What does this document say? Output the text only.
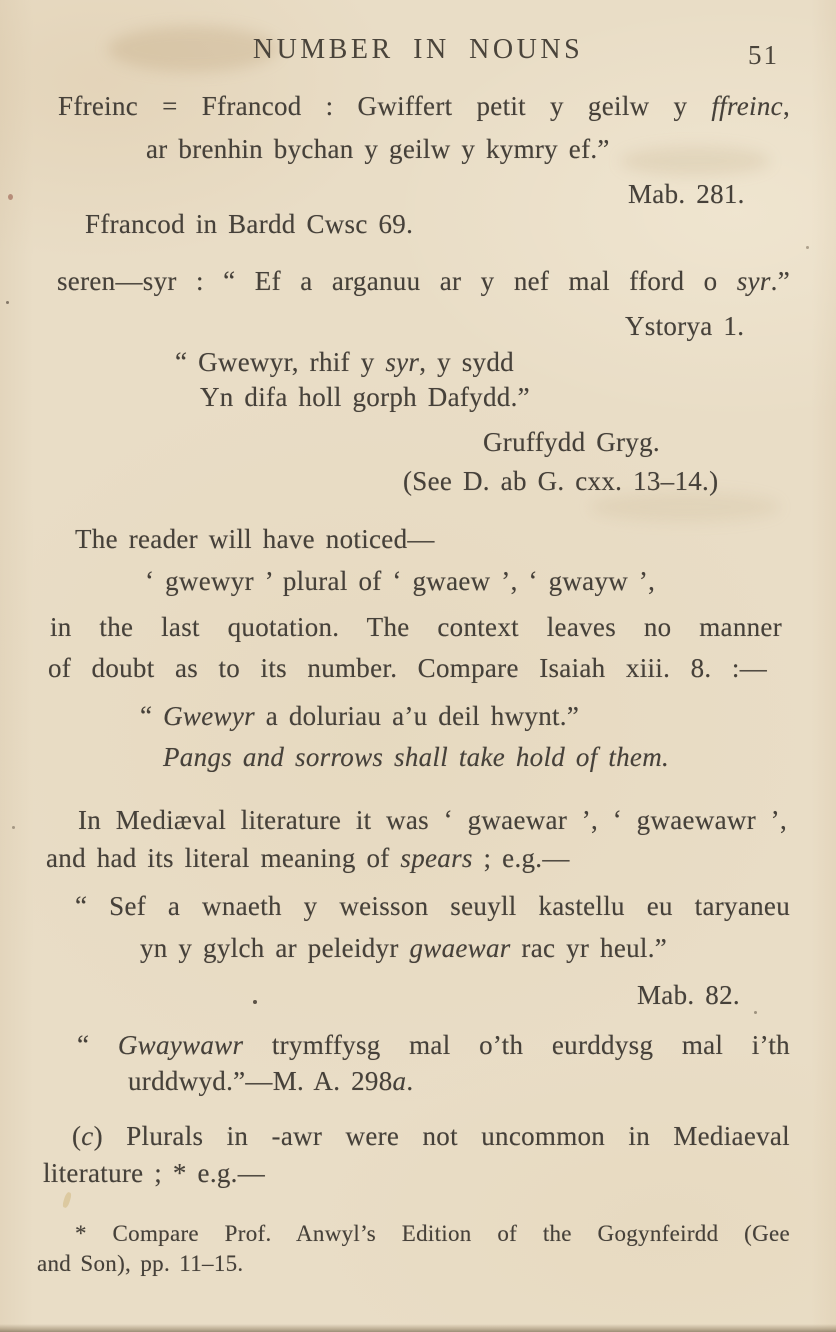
NUMBER IN NOUNS	51
Ffreinc = Ffrancod : Gwiffert petit y geilw y ffreinc,
ar brenhin bychan y geilw y kymry ef.”
Mab. 281.
Ffrancod in Bardd Cwsc 69.
seren—syr : “ Ef a arganuu ar y nef mal fford o syr.”
Ystorya 1.
“ Gwewyr, rhif y syr, y sydd
Yn difa holl gorph Dafydd.”
Gruffydd Gryg.
(See D. ab G. cxx. 13–14.)
The reader will have noticed—
‘ gwewyr ’ plural of ‘ gwaew ’, ‘ gwayw ’,
in the last quotation. The context leaves no manner
of doubt as to its number. Compare Isaiah xiii. 8. :—
“ Gwewyr a doluriau a’u deil hwynt.”
Pangs and sorrows shall take hold of them.
In Mediæval literature it was ‘ gwaewar ’, ‘ gwaewawr ’,
and had its literal meaning of spears ; e.g.—
“ Sef a wnaeth y weisson seuyll kastellu eu taryaneu
yn y gylch ar peleidyr gwaewar rac yr heul.”
Mab. 82.
“ Gwaywawr trymffysg mal o’th eurddysg mal i’th
urddwyd.”—M. A. 298a.
(c) Plurals in -awr were not uncommon in Mediaeval
literature ; * e.g.—
* Compare Prof. Anwyl’s Edition of the Gogynfeirdd (Gee
and Son), pp. 11–15.
